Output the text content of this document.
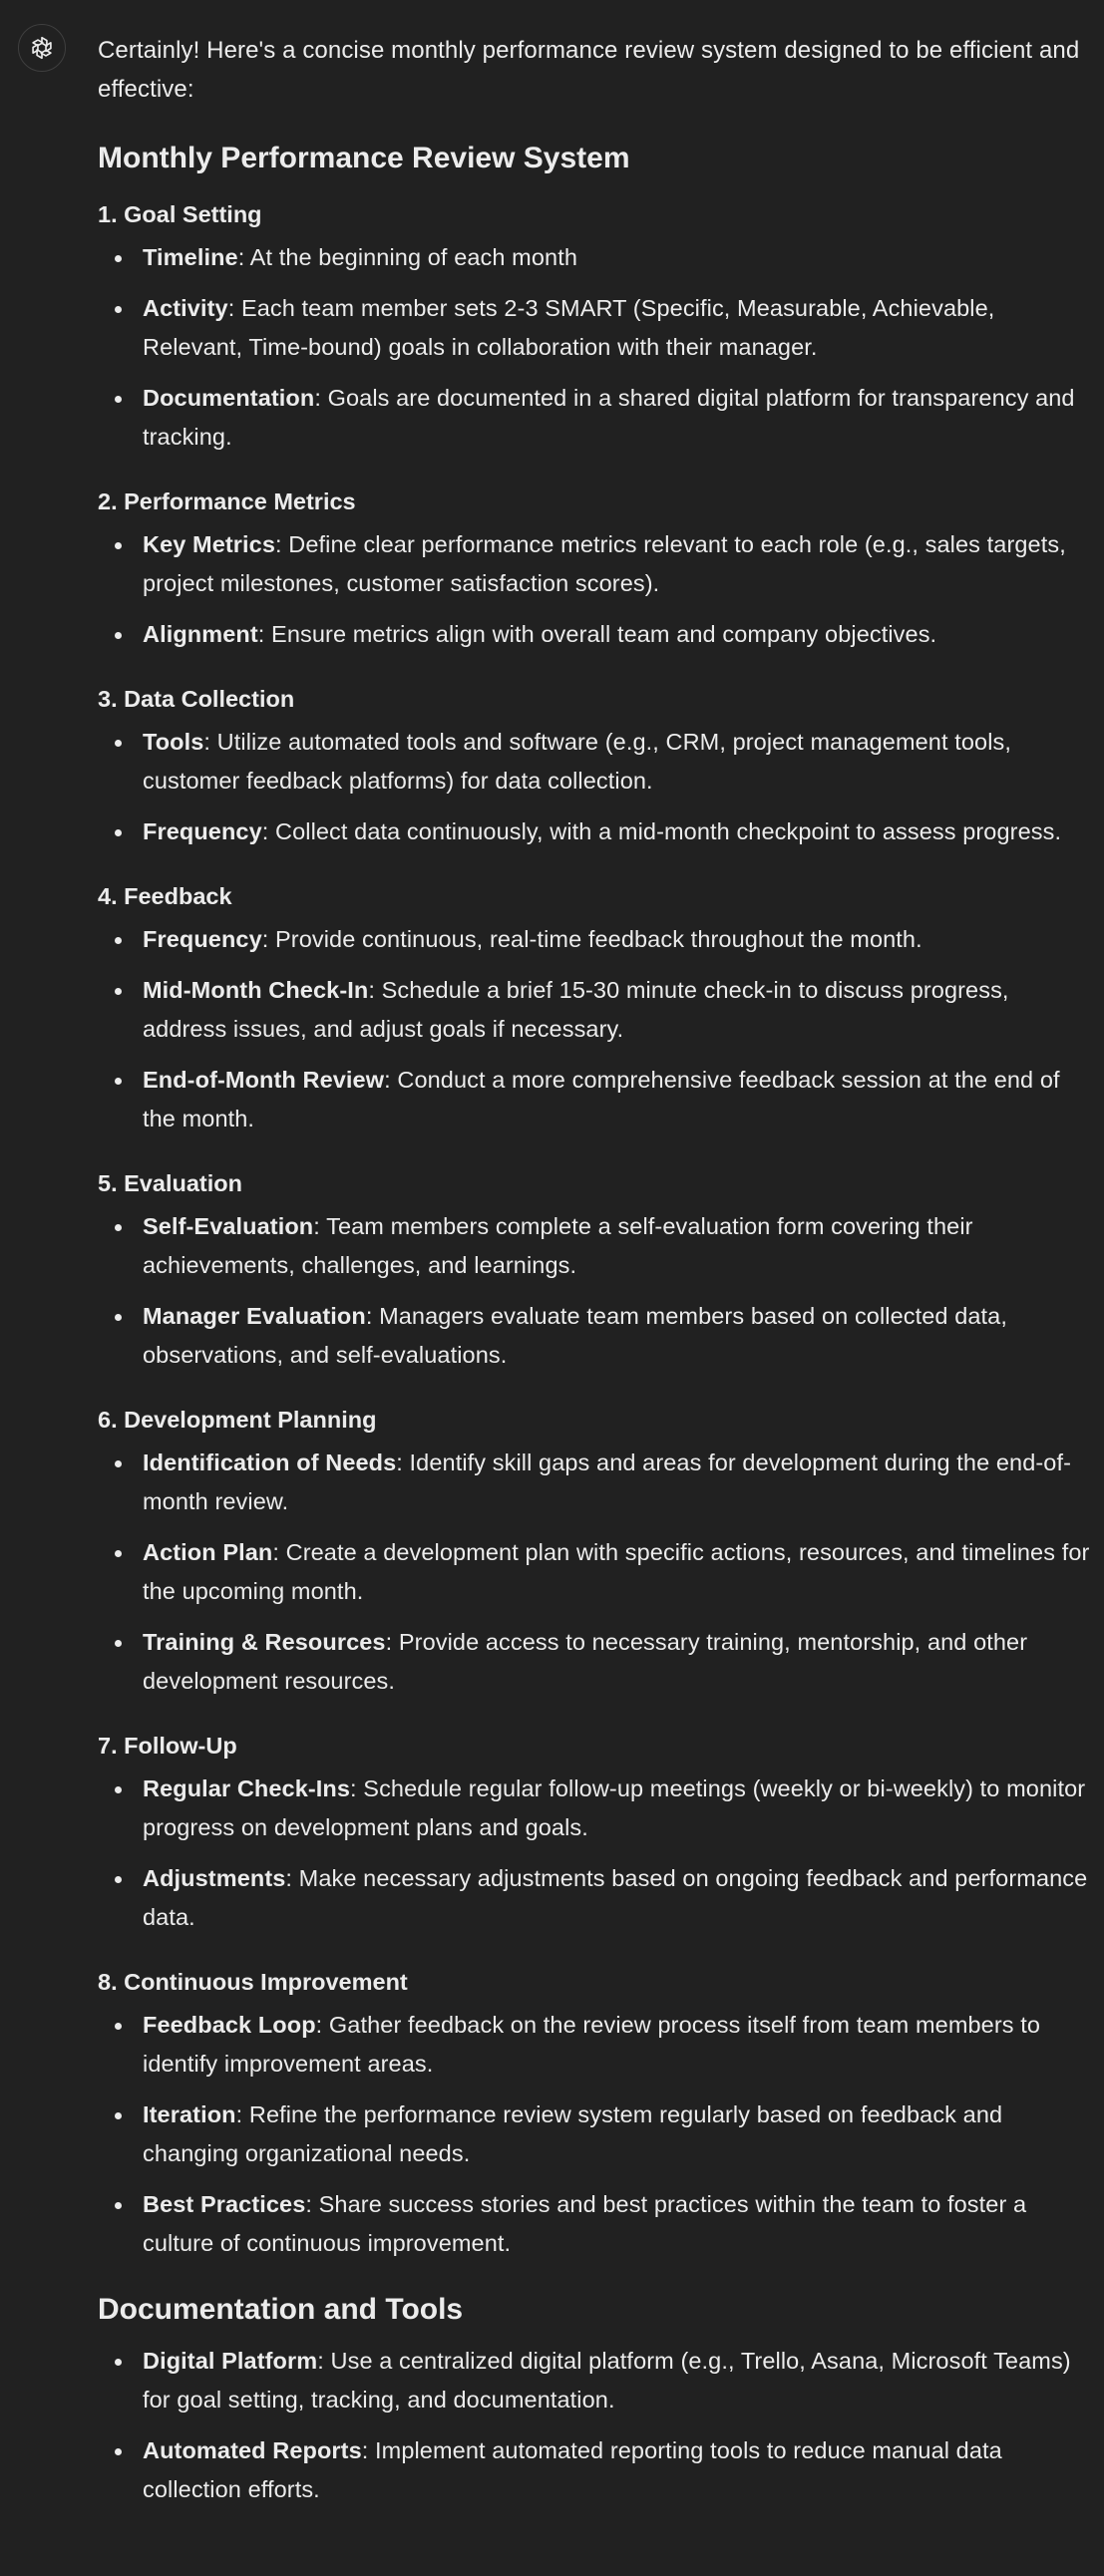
Certainly! Here's a concise monthly performance review system designed to be efficient and effective:

Monthly Performance Review System
1. Goal Setting
Timeline: At the beginning of each month
Activity: Each team member sets 2-3 SMART (Specific, Measurable, Achievable, Relevant, Time-bound) goals in collaboration with their manager.
Documentation: Goals are documented in a shared digital platform for transparency and tracking.
2. Performance Metrics
Key Metrics: Define clear performance metrics relevant to each role (e.g., sales targets, project milestones, customer satisfaction scores).
Alignment: Ensure metrics align with overall team and company objectives.
3. Data Collection
Tools: Utilize automated tools and software (e.g., CRM, project management tools, customer feedback platforms) for data collection.
Frequency: Collect data continuously, with a mid-month checkpoint to assess progress.
4. Feedback
Frequency: Provide continuous, real-time feedback throughout the month.
Mid-Month Check-In: Schedule a brief 15-30 minute check-in to discuss progress, address issues, and adjust goals if necessary.
End-of-Month Review: Conduct a more comprehensive feedback session at the end of the month.
5. Evaluation
Self-Evaluation: Team members complete a self-evaluation form covering their achievements, challenges, and learnings.
Manager Evaluation: Managers evaluate team members based on collected data, observations, and self-evaluations.
6. Development Planning
Identification of Needs: Identify skill gaps and areas for development during the end-of-month review.
Action Plan: Create a development plan with specific actions, resources, and timelines for the upcoming month.
Training & Resources: Provide access to necessary training, mentorship, and other development resources.
7. Follow-Up
Regular Check-Ins: Schedule regular follow-up meetings (weekly or bi-weekly) to monitor progress on development plans and goals.
Adjustments: Make necessary adjustments based on ongoing feedback and performance data.
8. Continuous Improvement
Feedback Loop: Gather feedback on the review process itself from team members to identify improvement areas.
Iteration: Refine the performance review system regularly based on feedback and changing organizational needs.
Best Practices: Share success stories and best practices within the team to foster a culture of continuous improvement.
Documentation and Tools
Digital Platform: Use a centralized digital platform (e.g., Trello, Asana, Microsoft Teams) for goal setting, tracking, and documentation.
Automated Reports: Implement automated reporting tools to reduce manual data collection efforts.
